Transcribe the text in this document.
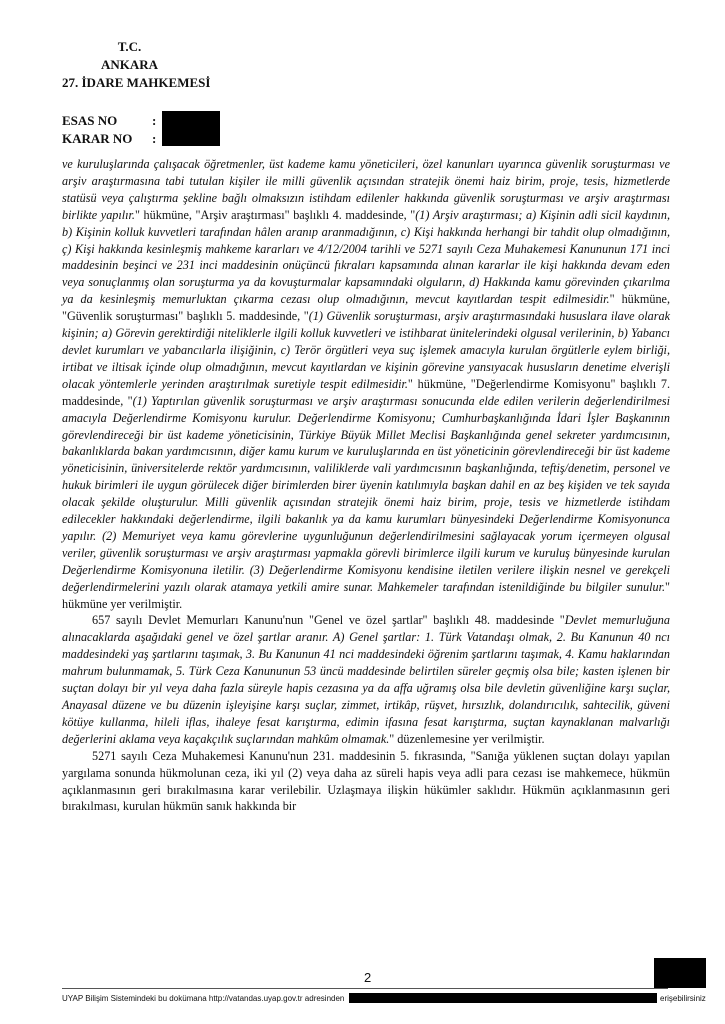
T.C.
ANKARA
27. İDARE MAHKEMESİ
ESAS NO	:
KARAR NO :

ve kuruluşlarında çalışacak öğretmenler, üst kademe kamu yöneticileri, özel kanunları uyarınca güvenlik soruşturması ve arşiv araştırmasına tabi tutulan kişiler ile milli güvenlik açısından stratejik önemi haiz birim, proje, tesis, hizmetlerde statüsü veya çalıştırma şekline bağlı olmaksızın istihdam edilenler hakkında güvenlik soruşturması ve arşiv araştırması birlikte yapılır." hükmüne, "Arşiv araştırması" başlıklı 4. maddesinde, "(1) Arşiv araştırması; a) Kişinin adli sicil kaydının, b) Kişinin kolluk kuvvetleri tarafından hâlen aranıp aranmadığının, c) Kişi hakkında herhangi bir tahdit olup olmadığının, ç) Kişi hakkında kesinleşmiş mahkeme kararları ve 4/12/2004 tarihli ve 5271 sayılı Ceza Muhakemesi Kanununun 171 inci maddesinin beşinci ve 231 inci maddesinin onüçüncü fıkraları kapsamında alınan kararlar ile kişi hakkında devam eden veya sonuçlanmış olan soruşturma ya da kovuşturmalar kapsamındaki olguların, d) Hakkında kamu görevinden çıkarılma ya da kesinleşmiş memurluktan çıkarma cezası olup olmadığının, mevcut kayıtlardan tespit edilmesidir." hükmüne, "Güvenlik soruşturması" başlıklı 5. maddesinde, "(1) Güvenlik soruşturması, arşiv araştırmasındaki hususlara ilave olarak kişinin; a) Görevin gerektirdiği niteliklerle ilgili kolluk kuvvetleri ve istihbarat ünitelerindeki olgusal verilerinin, b) Yabancı devlet kurumları ve yabancılarla ilişiğinin, c) Terör örgütleri veya suç işlemek amacıyla kurulan örgütlerle eylem birliği, irtibat ve iltisak içinde olup olmadığının, mevcut kayıtlardan ve kişinin görevine yansıyacak hususların denetime elverişli olacak yöntemlerle yerinden araştırılmak suretiyle tespit edilmesidir." hükmüne, "Değerlendirme Komisyonu" başlıklı 7. maddesinde, "(1) Yaptırılan güvenlik soruşturması ve arşiv araştırması sonucunda elde edilen verilerin değerlendirilmesi amacıyla Değerlendirme Komisyonu kurulur. Değerlendirme Komisyonu; Cumhurbaşkanlığında İdari İşler Başkanının görevlendireceği bir üst kademe yöneticisinin, Türkiye Büyük Millet Meclisi Başkanlığında genel sekreter yardımcısının, bakanlıklarda bakan yardımcısının, diğer kamu kurum ve kuruluşlarında en üst yöneticinin görevlendireceği bir üst kademe yöneticisinin, üniversitelerde rektör yardımcısının, valiliklerde vali yardımcısının başkanlığında, teftiş/denetim, personel ve hukuk birimleri ile uygun görülecek diğer birimlerden birer üyenin katılımıyla başkan dahil en az beş kişiden ve tek sayıda olacak şekilde oluşturulur. Milli güvenlik açısından stratejik önemi haiz birim, proje, tesis ve hizmetlerde istihdam edilecekler hakkındaki değerlendirme, ilgili bakanlık ya da kamu kurumları bünyesindeki Değerlendirme Komisyonunca yapılır. (2) Memuriyet veya kamu görevlerine uygunluğunun değerlendirilmesini sağlayacak yorum içermeyen olgusal veriler, güvenlik soruşturması ve arşiv araştırması yapmakla görevli birimlerce ilgili kurum ve kuruluş bünyesinde kurulan Değerlendirme Komisyonuna iletilir. (3) Değerlendirme Komisyonu kendisine iletilen verilere ilişkin nesnel ve gerekçeli değerlendirmelerini yazılı olarak atamaya yetkili amire sunar. Mahkemeler tarafından istenildiğinde bu bilgiler sunulur." hükmüne yer verilmiştir.

657 sayılı Devlet Memurları Kanunu'nun "Genel ve özel şartlar" başlıklı 48. maddesinde "Devlet memurluğuna alınacaklarda aşağıdaki genel ve özel şartlar aranır. A) Genel şartlar: 1. Türk Vatandaşı olmak, 2. Bu Kanunun 40 ncı maddesindeki yaş şartlarını taşımak, 3. Bu Kanunun 41 nci maddesindeki öğrenim şartlarını taşımak, 4. Kamu haklarından mahrum bulunmamak, 5. Türk Ceza Kanununun 53 üncü maddesinde belirtilen süreler geçmiş olsa bile; kasten işlenen bir suçtan dolayı bir yıl veya daha fazla süreyle hapis cezasına ya da affa uğramış olsa bile devletin güvenliğine karşı suçlar, Anayasal düzene ve bu düzenin işleyişine karşı suçlar, zimmet, irtikâp, rüşvet, hırsızlık, dolandırıcılık, sahtecilik, güveni kötüye kullanma, hileli iflas, ihaleye fesat karıştırma, edimin ifasına fesat karıştırma, suçtan kaynaklanan malvarlığı değerlerini aklama veya kaçakçılık suçlarından mahkûm olmamak." düzenlemesine yer verilmiştir.

5271 sayılı Ceza Muhakemesi Kanunu'nun 231. maddesinin 5. fıkrasında, "Sanığa yüklenen suçtan dolayı yapılan yargılama sonunda hükmolunan ceza, iki yıl (2) veya daha az süreli hapis veya adli para cezası ise mahkemece, hükmün açıklanmasının geri bırakılmasına karar verilebilir. Uzlaşmaya ilişkin hükümler saklıdır. Hükmün açıklanmasının geri bırakılması, kurulan hükmün sanık hakkında bir

2
UYAP Bilişim Sistemindeki bu dokümana http://vatandas.uyap.gov.tr adresinden	erişebilirsiniz
